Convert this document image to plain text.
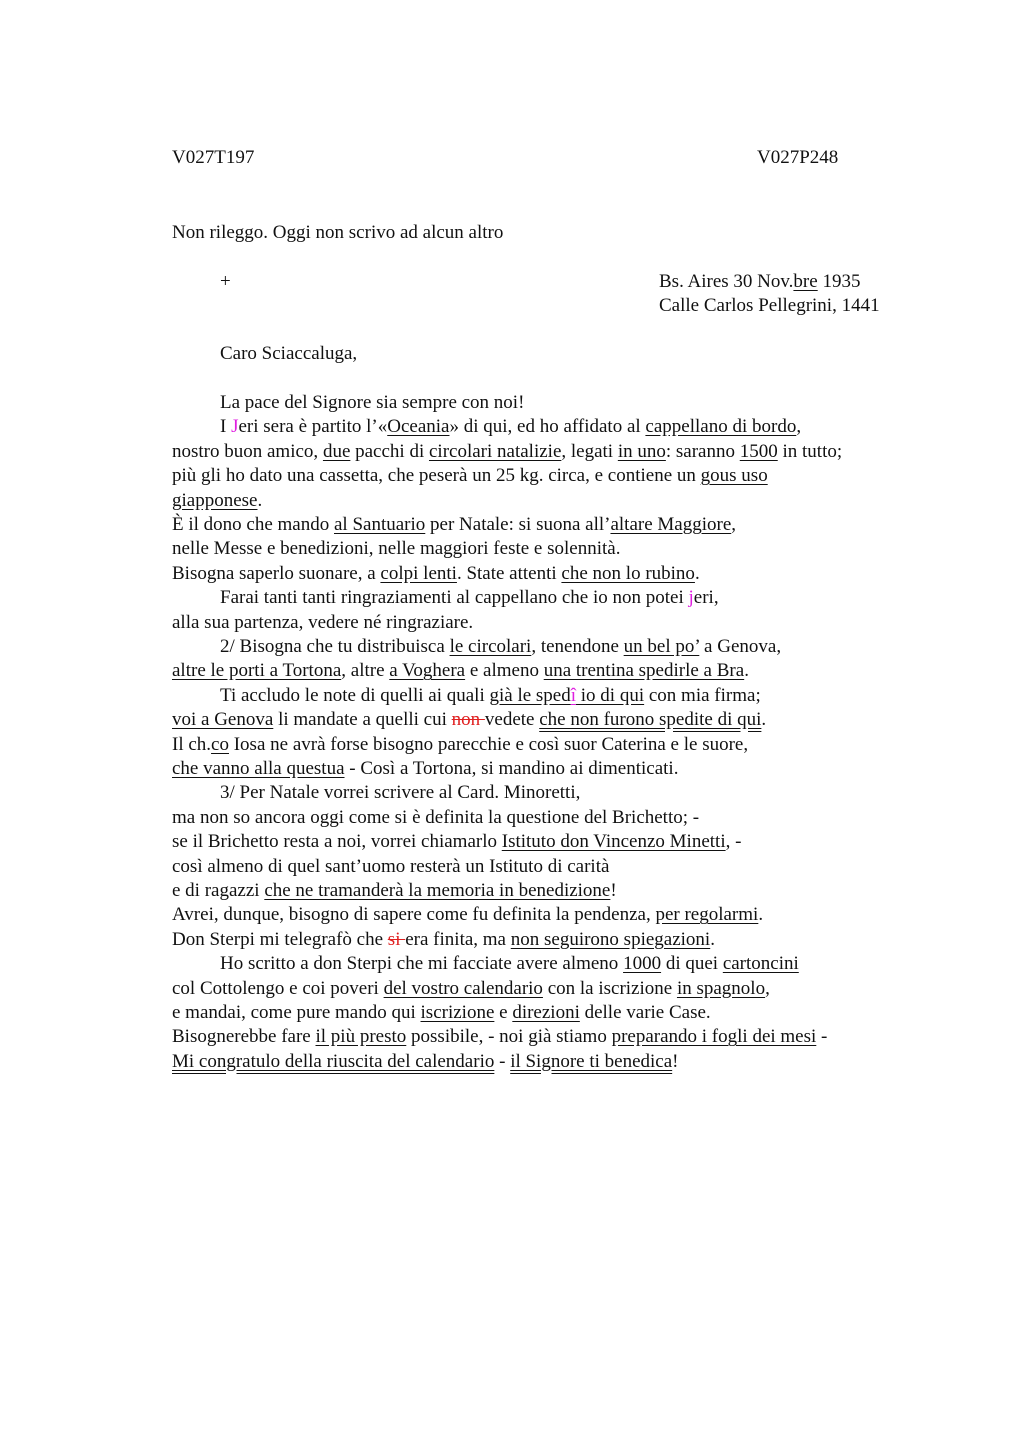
V027T197	V027P248
Non rileggo. Oggi non scrivo ad alcun altro
+	Bs. Aires 30 Nov.bre 1935
Calle Carlos Pellegrini, 1441
Caro Sciaccaluga,
La pace del Signore sia sempre con noi!
I Jeri sera è partito l’«Oceania» di qui, ed ho affidato al cappellano di bordo,
nostro buon amico, due pacchi di circolari natalizie, legati in uno: saranno 1500 in tutto;
più gli ho dato una cassetta, che peserà un 25 kg. circa, e contiene un gous uso
giapponese.
È il dono che mando al Santuario per Natale: si suona all’altare Maggiore,
nelle Messe e benedizioni, nelle maggiori feste e solennità.
Bisogna saperlo suonare, a colpi lenti. State attenti che non lo rubino.
Farai tanti tanti ringraziamenti al cappellano che io non potei jeri,
alla sua partenza, vedere né ringraziare.
2/ Bisogna che tu distribuisca le circolari, tenendone un bel po’ a Genova,
altre le porti a Tortona, altre a Voghera e almeno una trentina spedirle a Bra.
Ti accludo le note di quelli ai quali già le spedî io di qui con mia firma;
voi a Genova li mandate a quelli cui non vedete che non furono spedite di qui.
Il ch.co Iosa ne avrà forse bisogno parecchie e così suor Caterina e le suore,
che vanno alla questua - Così a Tortona, si mandino ai dimenticati.
3/ Per Natale vorrei scrivere al Card. Minoretti,
ma non so ancora oggi come si è definita la questione del Brichetto; -
se il Brichetto resta a noi, vorrei chiamarlo Istituto don Vincenzo Minetti, -
così almeno di quel sant’uomo resterà un Istituto di carità
e di ragazzi che ne tramanderà la memoria in benedizione!
Avrei, dunque, bisogno di sapere come fu definita la pendenza, per regolarmi.
Don Sterpi mi telegrafò che si era finita, ma non seguirono spiegazioni.
Ho scritto a don Sterpi che mi facciate avere almeno 1000 di quei cartoncini
col Cottolengo e coi poveri del vostro calendario con la iscrizione in spagnolo,
e mandai, come pure mando qui iscrizione e direzioni delle varie Case.
Bisognerebbe fare il più presto possibile, - noi già stiamo preparando i fogli dei mesi -
Mi congratulo della riuscita del calendario - il Signore ti benedica!
